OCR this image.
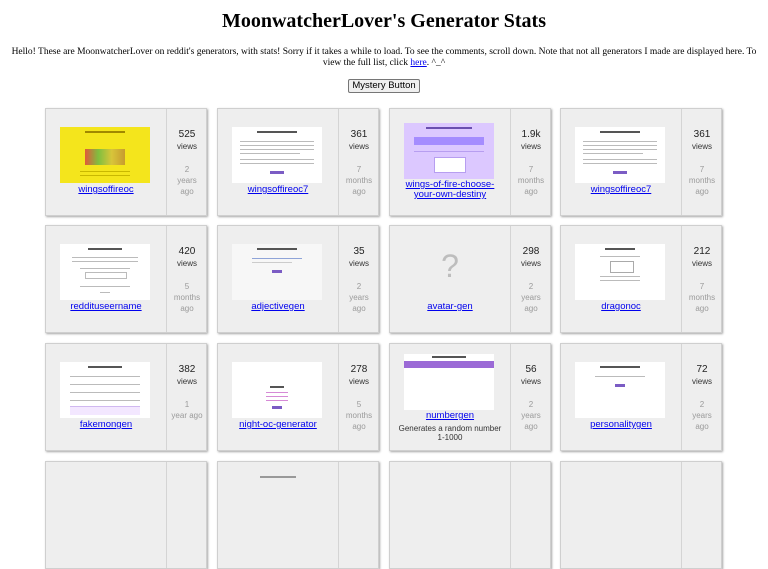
MoonwatcherLover's Generator Stats
Hello! These are MoonwatcherLover on reddit's generators, with stats! Sorry if it takes a while to load. To see the comments, scroll down. Note that not all generators I made are displayed here. To view the full list, click here. ^_^
Mystery Button
wingsoffireoc
525
views
2
years
ago	wingsoffireoc7
361
views
7
months
ago
wings-of-fire-choose-
your-own-destiny
1.9k
views
7
months
ago	wingsoffireoc7
361
views
7
months
ago
reddituseername
420
views
5
months
ago	adjectivegen
35
views
2
years
ago
?
avatar-gen
298
views
2
years
ago	dragonoc
212
views
7
months
ago
fakemongen
382
views
1
year ago
night-oc-generator
278
views
5
months
ago
numbergen
Generates a random number 1-1000
56
views
2
years
ago	personalitygen
72
views
2
years
ago
